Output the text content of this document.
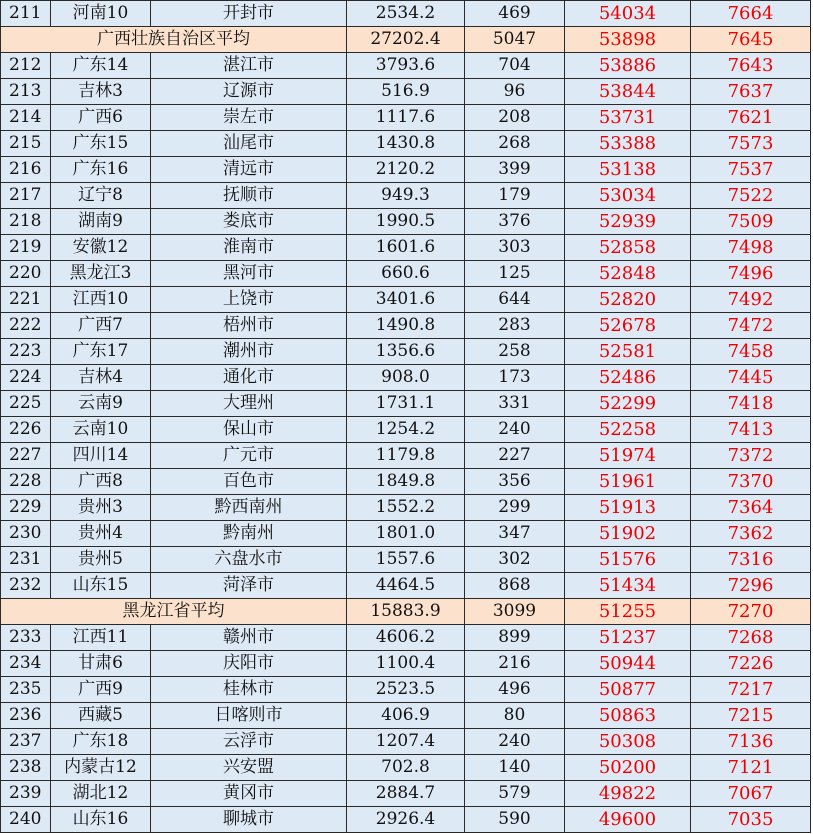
211	河南10	开封市	2534.2	469	54034	7664
广西壮族自治区平均			27202.4	5047	53898	7645
212	广东14	湛江市	3793.6	704	53886	7643
213	吉林3	辽源市	516.9	96	53844	7637
214	广西6	崇左市	1117.6	208	53731	7621
215	广东15	汕尾市	1430.8	268	53388	7573
216	广东16	清远市	2120.2	399	53138	7537
217	辽宁8	抚顺市	949.3	179	53034	7522
218	湖南9	娄底市	1990.5	376	52939	7509
219	安徽12	淮南市	1601.6	303	52858	7498
220	黑龙江3	黑河市	660.6	125	52848	7496
221	江西10	上饶市	3401.6	644	52820	7492
222	广西7	梧州市	1490.8	283	52678	7472
223	广东17	潮州市	1356.6	258	52581	7458
224	吉林4	通化市	908.0	173	52486	7445
225	云南9	大理州	1731.1	331	52299	7418
226	云南10	保山市	1254.2	240	52258	7413
227	四川14	广元市	1179.8	227	51974	7372
228	广西8	百色市	1849.8	356	51961	7370
229	贵州3	黔西南州	1552.2	299	51913	7364
230	贵州4	黔南州	1801.0	347	51902	7362
231	贵州5	六盘水市	1557.6	302	51576	7316
232	山东15	菏泽市	4464.5	868	51434	7296
黑龙江省平均			15883.9	3099	51255	7270
233	江西11	赣州市	4606.2	899	51237	7268
234	甘肃6	庆阳市	1100.4	216	50944	7226
235	广西9	桂林市	2523.5	496	50877	7217
236	西藏5	日喀则市	406.9	80	50863	7215
237	广东18	云浮市	1207.4	240	50308	7136
238	内蒙古12	兴安盟	702.8	140	50200	7121
239	湖北12	黄冈市	2884.7	579	49822	7067
240	山东16	聊城市	2926.4	590	49600	7035
